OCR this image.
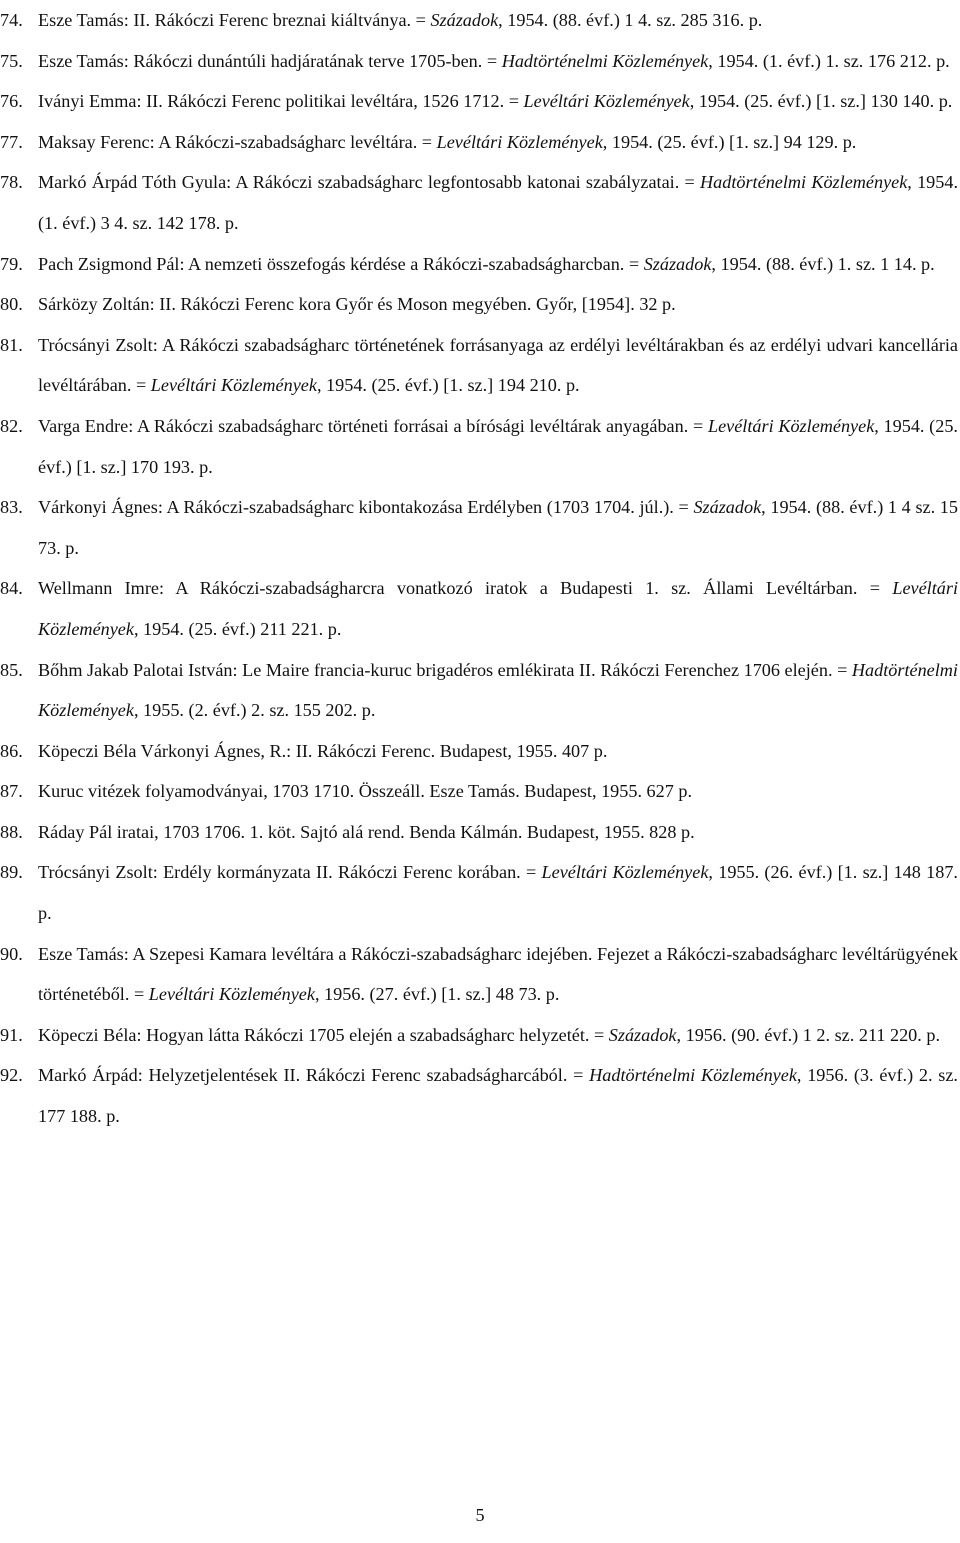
74. Esze Tamás: II. Rákóczi Ferenc breznai kiáltványa. = Századok, 1954. (88. évf.) 1 4. sz. 285 316. p.
75. Esze Tamás: Rákóczi dunántúli hadjáratának terve 1705-ben. = Hadtörténelmi Közlemények, 1954. (1. évf.) 1. sz. 176 212. p.
76. Iványi Emma: II. Rákóczi Ferenc politikai levéltára, 1526 1712. = Levéltári Közlemények, 1954. (25. évf.) [1. sz.] 130 140. p.
77. Maksay Ferenc: A Rákóczi-szabadságharc levéltára. = Levéltári Közlemények, 1954. (25. évf.) [1. sz.] 94 129. p.
78. Markó Árpád Tóth Gyula: A Rákóczi szabadságharc legfontosabb katonai szabályzatai. = Hadtörténelmi Közlemények, 1954. (1. évf.) 3 4. sz. 142 178. p.
79. Pach Zsigmond Pál: A nemzeti összefogás kérdése a Rákóczi-szabadságharcban. = Századok, 1954. (88. évf.) 1. sz. 1 14. p.
80. Sárközy Zoltán: II. Rákóczi Ferenc kora Győr és Moson megyében. Győr, [1954]. 32 p.
81. Trócsányi Zsolt: A Rákóczi szabadságharc történetének forrásanyaga az erdélyi levéltárakban és az erdélyi udvari kancellária levéltárában. = Levéltári Közlemények, 1954. (25. évf.) [1. sz.] 194 210. p.
82. Varga Endre: A Rákóczi szabadságharc történeti forrásai a bírósági levéltárak anyagában. = Levéltári Közlemények, 1954. (25. évf.) [1. sz.] 170 193. p.
83. Várkonyi Ágnes: A Rákóczi-szabadságharc kibontakozása Erdélyben (1703 1704. júl.). = Századok, 1954. (88. évf.) 1 4 sz. 15 73. p.
84. Wellmann Imre: A Rákóczi-szabadságharcra vonatkozó iratok a Budapesti 1. sz. Állami Levéltárban. = Levéltári Közlemények, 1954. (25. évf.) 211 221. p.
85. Bőhm Jakab Palotai István: Le Maire francia-kuruc brigadéros emlékirata II. Rákóczi Ferenchez 1706 elején. = Hadtörténelmi Közlemények, 1955. (2. évf.) 2. sz. 155 202. p.
86. Köpeczi Béla Várkonyi Ágnes, R.: II. Rákóczi Ferenc. Budapest, 1955. 407 p.
87. Kuruc vitézek folyamodványai, 1703 1710. Összeáll. Esze Tamás. Budapest, 1955. 627 p.
88. Ráday Pál iratai, 1703 1706. 1. köt. Sajtó alá rend. Benda Kálmán. Budapest, 1955. 828 p.
89. Trócsányi Zsolt: Erdély kormányzata II. Rákóczi Ferenc korában. = Levéltári Közlemények, 1955. (26. évf.) [1. sz.] 148 187. p.
90. Esze Tamás: A Szepesi Kamara levéltára a Rákóczi-szabadságharc idejében. Fejezet a Rákóczi-szabadságharc levéltárügyének történetéből. = Levéltári Közlemények, 1956. (27. évf.) [1. sz.] 48 73. p.
91. Köpeczi Béla: Hogyan látta Rákóczi 1705 elején a szabadságharc helyzetét. = Századok, 1956. (90. évf.) 1 2. sz. 211 220. p.
92. Markó Árpád: Helyzetjelentések II. Rákóczi Ferenc szabadságharcából. = Hadtörténelmi Közlemények, 1956. (3. évf.) 2. sz. 177 188. p.
5
